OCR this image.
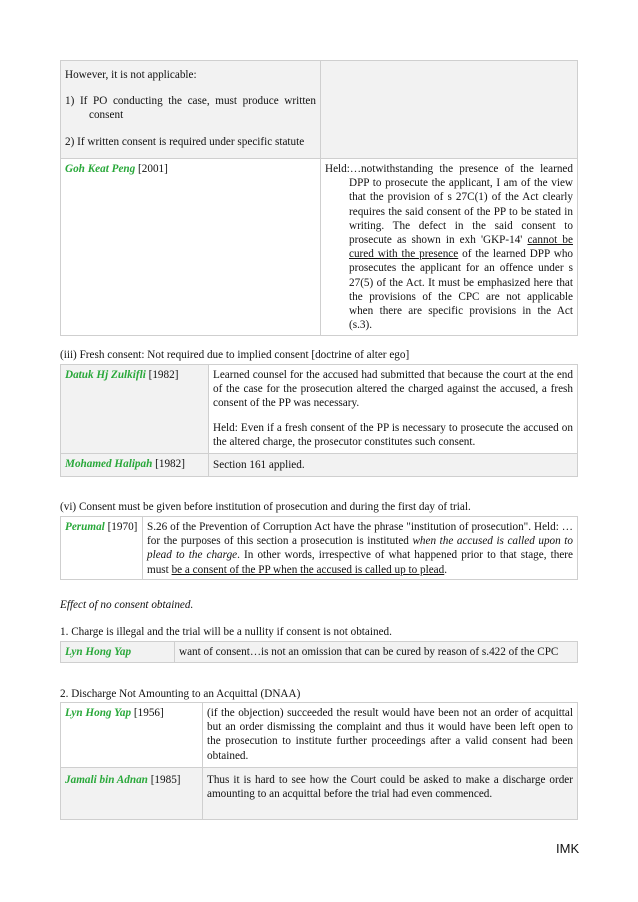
However, it is not applicable:

1) If PO conducting the case, must produce written consent

2) If written consent is required under specific statute	

Goh Keat Peng [2001]	Held:…notwithstanding the presence of the learned DPP to prosecute the applicant, I am of the view that the provision of s 27C(1) of the Act clearly requires the said consent of the PP to be stated in writing. The defect in the said consent to prosecute as shown in exh 'GKP-14' cannot be cured with the presence of the learned DPP who prosecutes the applicant for an offence under s 27(5) of the Act. It must be emphasized here that the provisions of the CPC are not applicable when there are specific provisions in the Act (s.3).

(iii) Fresh consent: Not required due to implied consent [doctrine of alter ego]

Datuk Hj Zulkifli [1982]	Learned counsel for the accused had submitted that because the court at the end of the case for the prosecution altered the charged against the accused, a fresh consent of the PP was necessary.

Held: Even if a fresh consent of the PP is necessary to prosecute the accused on the altered charge, the prosecutor constitutes such consent.

Mohamed Halipah [1982]	Section 161 applied.

(vi) Consent must be given before institution of prosecution and during the first day of trial.

Perumal [1970]	S.26 of the Prevention of Corruption Act have the phrase "institution of prosecution". Held: …for the purposes of this section a prosecution is instituted when the accused is called upon to plead to the charge. In other words, irrespective of what happened prior to that stage, there must be a consent of the PP when the accused is called up to plead.

Effect of no consent obtained.

1. Charge is illegal and the trial will be a nullity if consent is not obtained.

Lyn Hong Yap	want of consent…is not an omission that can be cured by reason of s.422 of the CPC

2. Discharge Not Amounting to an Acquittal (DNAA)

Lyn Hong Yap [1956]	(if the objection) succeeded the result would have been not an order of acquittal but an order dismissing the complaint and thus it would have been left open to the prosecution to institute further proceedings after a valid consent had been obtained.
Jamali bin Adnan [1985]	Thus it is hard to see how the Court could be asked to make a discharge order amounting to an acquittal before the trial had even commenced.
IMK
